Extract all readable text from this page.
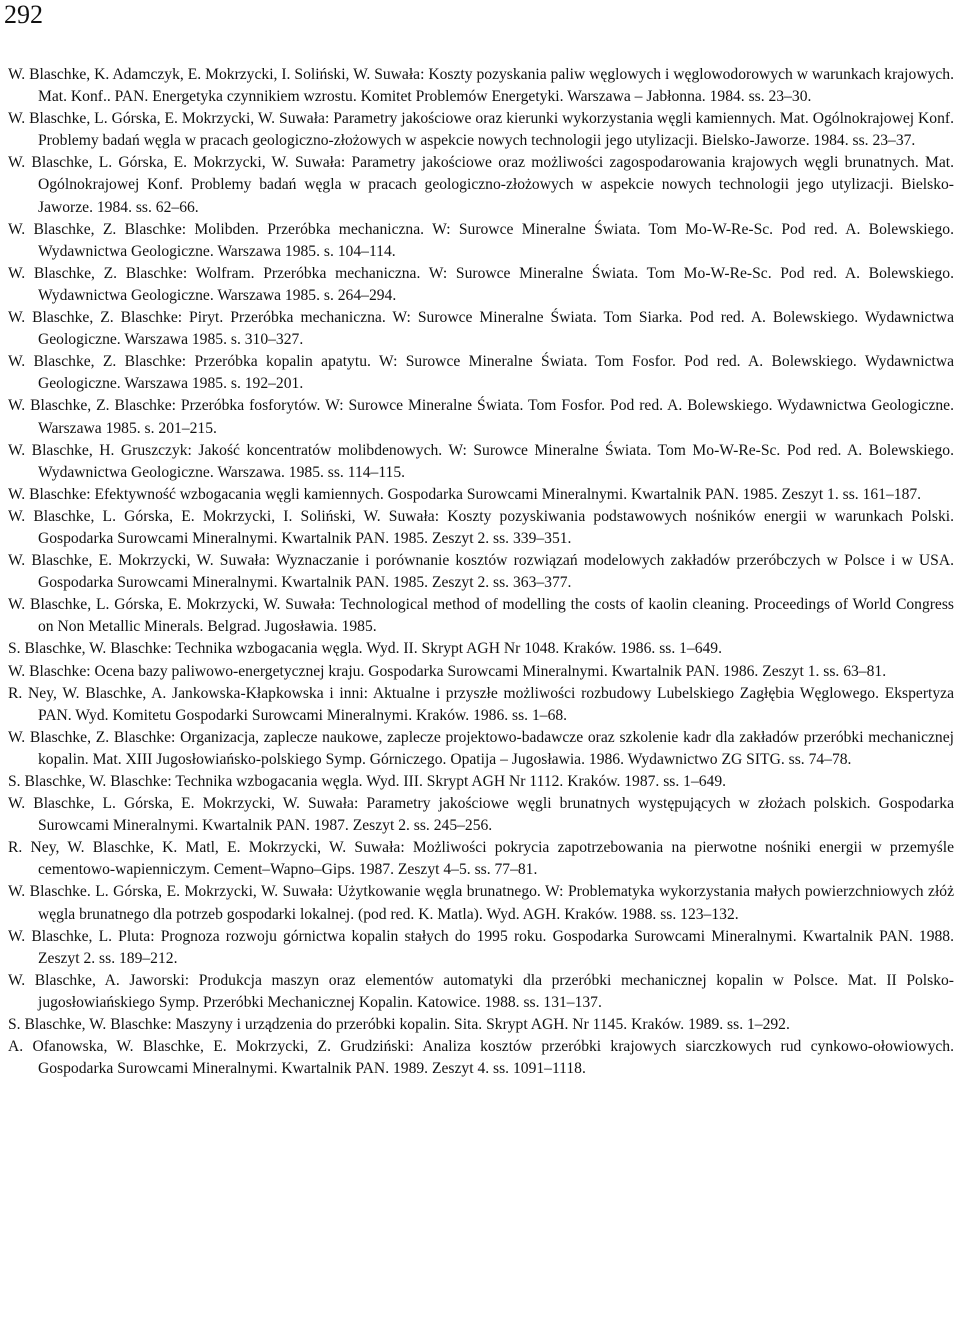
292
W. Blaschke, K. Adamczyk, E. Mokrzycki, I. Soliński, W. Suwała: Koszty pozyskania paliw węglowych i węglowodorowych w warunkach krajowych. Mat. Konf.. PAN. Energetyka czynnikiem wzrostu. Komitet Problemów Energetyki. Warszawa – Jabłonna. 1984. ss. 23–30.
W. Blaschke, L. Górska, E. Mokrzycki, W. Suwała: Parametry jakościowe oraz kierunki wykorzystania węgli kamiennych. Mat. Ogólnokrajowej Konf. Problemy badań węgla w pracach geologiczno-złożowych w aspekcie nowych technologii jego utylizacji. Bielsko-Jaworze. 1984. ss. 23–37.
W. Blaschke, L. Górska, E. Mokrzycki, W. Suwała: Parametry jakościowe oraz możliwości zagospodarowania krajowych węgli brunatnych. Mat. Ogólnokrajowej Konf. Problemy badań węgla w pracach geologiczno-złożowych w aspekcie nowych technologii jego utylizacji. Bielsko-Jaworze. 1984. ss. 62–66.
W. Blaschke, Z. Blaschke: Molibden. Przeróbka mechaniczna. W: Surowce Mineralne Świata. Tom Mo-W-Re-Sc. Pod red. A. Bolewskiego. Wydawnictwa Geologiczne. Warszawa 1985. s. 104–114.
W. Blaschke, Z. Blaschke: Wolfram. Przeróbka mechaniczna. W: Surowce Mineralne Świata. Tom Mo-W-Re-Sc. Pod red. A. Bolewskiego. Wydawnictwa Geologiczne. Warszawa 1985. s. 264–294.
W. Blaschke, Z. Blaschke: Piryt. Przeróbka mechaniczna. W: Surowce Mineralne Świata. Tom Siarka. Pod red. A. Bolewskiego. Wydawnictwa Geologiczne. Warszawa 1985. s. 310–327.
W. Blaschke, Z. Blaschke: Przeróbka kopalin apatytu. W: Surowce Mineralne Świata. Tom Fosfor. Pod red. A. Bolewskiego. Wydawnictwa Geologiczne. Warszawa 1985. s. 192–201.
W. Blaschke, Z. Blaschke: Przeróbka fosforytów. W: Surowce Mineralne Świata. Tom Fosfor. Pod red. A. Bolewskiego. Wydawnictwa Geologiczne. Warszawa 1985. s. 201–215.
W. Blaschke, H. Gruszczyk: Jakość koncentratów molibdenowych. W: Surowce Mineralne Świata. Tom Mo-W-Re-Sc. Pod red. A. Bolewskiego. Wydawnictwa Geologiczne. Warszawa. 1985. ss. 114–115.
W. Blaschke: Efektywność wzbogacania węgli kamiennych. Gospodarka Surowcami Mineralnymi. Kwartalnik PAN. 1985. Zeszyt 1. ss. 161–187.
W. Blaschke, L. Górska, E. Mokrzycki, I. Soliński, W. Suwała: Koszty pozyskiwania podstawowych nośników energii w warunkach Polski. Gospodarka Surowcami Mineralnymi. Kwartalnik PAN. 1985. Zeszyt 2. ss. 339–351.
W. Blaschke, E. Mokrzycki, W. Suwała: Wyznaczanie i porównanie kosztów rozwiązań modelowych zakładów przeróbczych w Polsce i w USA. Gospodarka Surowcami Mineralnymi. Kwartalnik PAN. 1985. Zeszyt 2. ss. 363–377.
W. Blaschke, L. Górska, E. Mokrzycki, W. Suwała: Technological method of modelling the costs of kaolin cleaning. Proceedings of World Congress on Non Metallic Minerals. Belgrad. Jugosławia. 1985.
S. Blaschke, W. Blaschke: Technika wzbogacania węgla. Wyd. II. Skrypt AGH Nr 1048. Kraków. 1986. ss. 1–649.
W. Blaschke: Ocena bazy paliwowo-energetycznej kraju. Gospodarka Surowcami Mineralnymi. Kwartalnik PAN. 1986. Zeszyt 1. ss. 63–81.
R. Ney, W. Blaschke, A. Jankowska-Kłapkowska i inni: Aktualne i przyszłe możliwości rozbudowy Lubelskiego Zagłębia Węglowego. Ekspertyza PAN. Wyd. Komitetu Gospodarki Surowcami Mineralnymi. Kraków. 1986. ss. 1–68.
W. Blaschke, Z. Blaschke: Organizacja, zaplecze naukowe, zaplecze projektowo-badawcze oraz szkolenie kadr dla zakładów przeróbki mechanicznej kopalin. Mat. XIII Jugosłowiańsko-polskiego Symp. Górniczego. Opatija – Jugosławia. 1986. Wydawnictwo ZG SITG. ss. 74–78.
S. Blaschke, W. Blaschke: Technika wzbogacania węgla. Wyd. III. Skrypt AGH Nr 1112. Kraków. 1987. ss. 1–649.
W. Blaschke, L. Górska, E. Mokrzycki, W. Suwała: Parametry jakościowe węgli brunatnych występujących w złożach polskich. Gospodarka Surowcami Mineralnymi. Kwartalnik PAN. 1987. Zeszyt 2. ss. 245–256.
R. Ney, W. Blaschke, K. Matl, E. Mokrzycki, W. Suwała: Możliwości pokrycia zapotrzebowania na pierwotne nośniki energii w przemyśle cementowo-wapienniczym. Cement–Wapno–Gips. 1987. Zeszyt 4–5. ss. 77–81.
W. Blaschke. L. Górska, E. Mokrzycki, W. Suwała: Użytkowanie węgla brunatnego. W: Problematyka wykorzystania małych powierzchniowych złóż węgla brunatnego dla potrzeb gospodarki lokalnej. (pod red. K. Matla). Wyd. AGH. Kraków. 1988. ss. 123–132.
W. Blaschke, L. Pluta: Prognoza rozwoju górnictwa kopalin stałych do 1995 roku. Gospodarka Surowcami Mineralnymi. Kwartalnik PAN. 1988. Zeszyt 2. ss. 189–212.
W. Blaschke, A. Jaworski: Produkcja maszyn oraz elementów automatyki dla przeróbki mechanicznej kopalin w Polsce. Mat. II Polsko-jugosłowiańskiego Symp. Przeróbki Mechanicznej Kopalin. Katowice. 1988. ss. 131–137.
S. Blaschke, W. Blaschke: Maszyny i urządzenia do przeróbki kopalin. Sita. Skrypt AGH. Nr 1145. Kraków. 1989. ss. 1–292.
A. Ofanowska, W. Blaschke, E. Mokrzycki, Z. Grudziński: Analiza kosztów przeróbki krajowych siarczkowych rud cynkowo-ołowiowych. Gospodarka Surowcami Mineralnymi. Kwartalnik PAN. 1989. Zeszyt 4. ss. 1091–1118.
